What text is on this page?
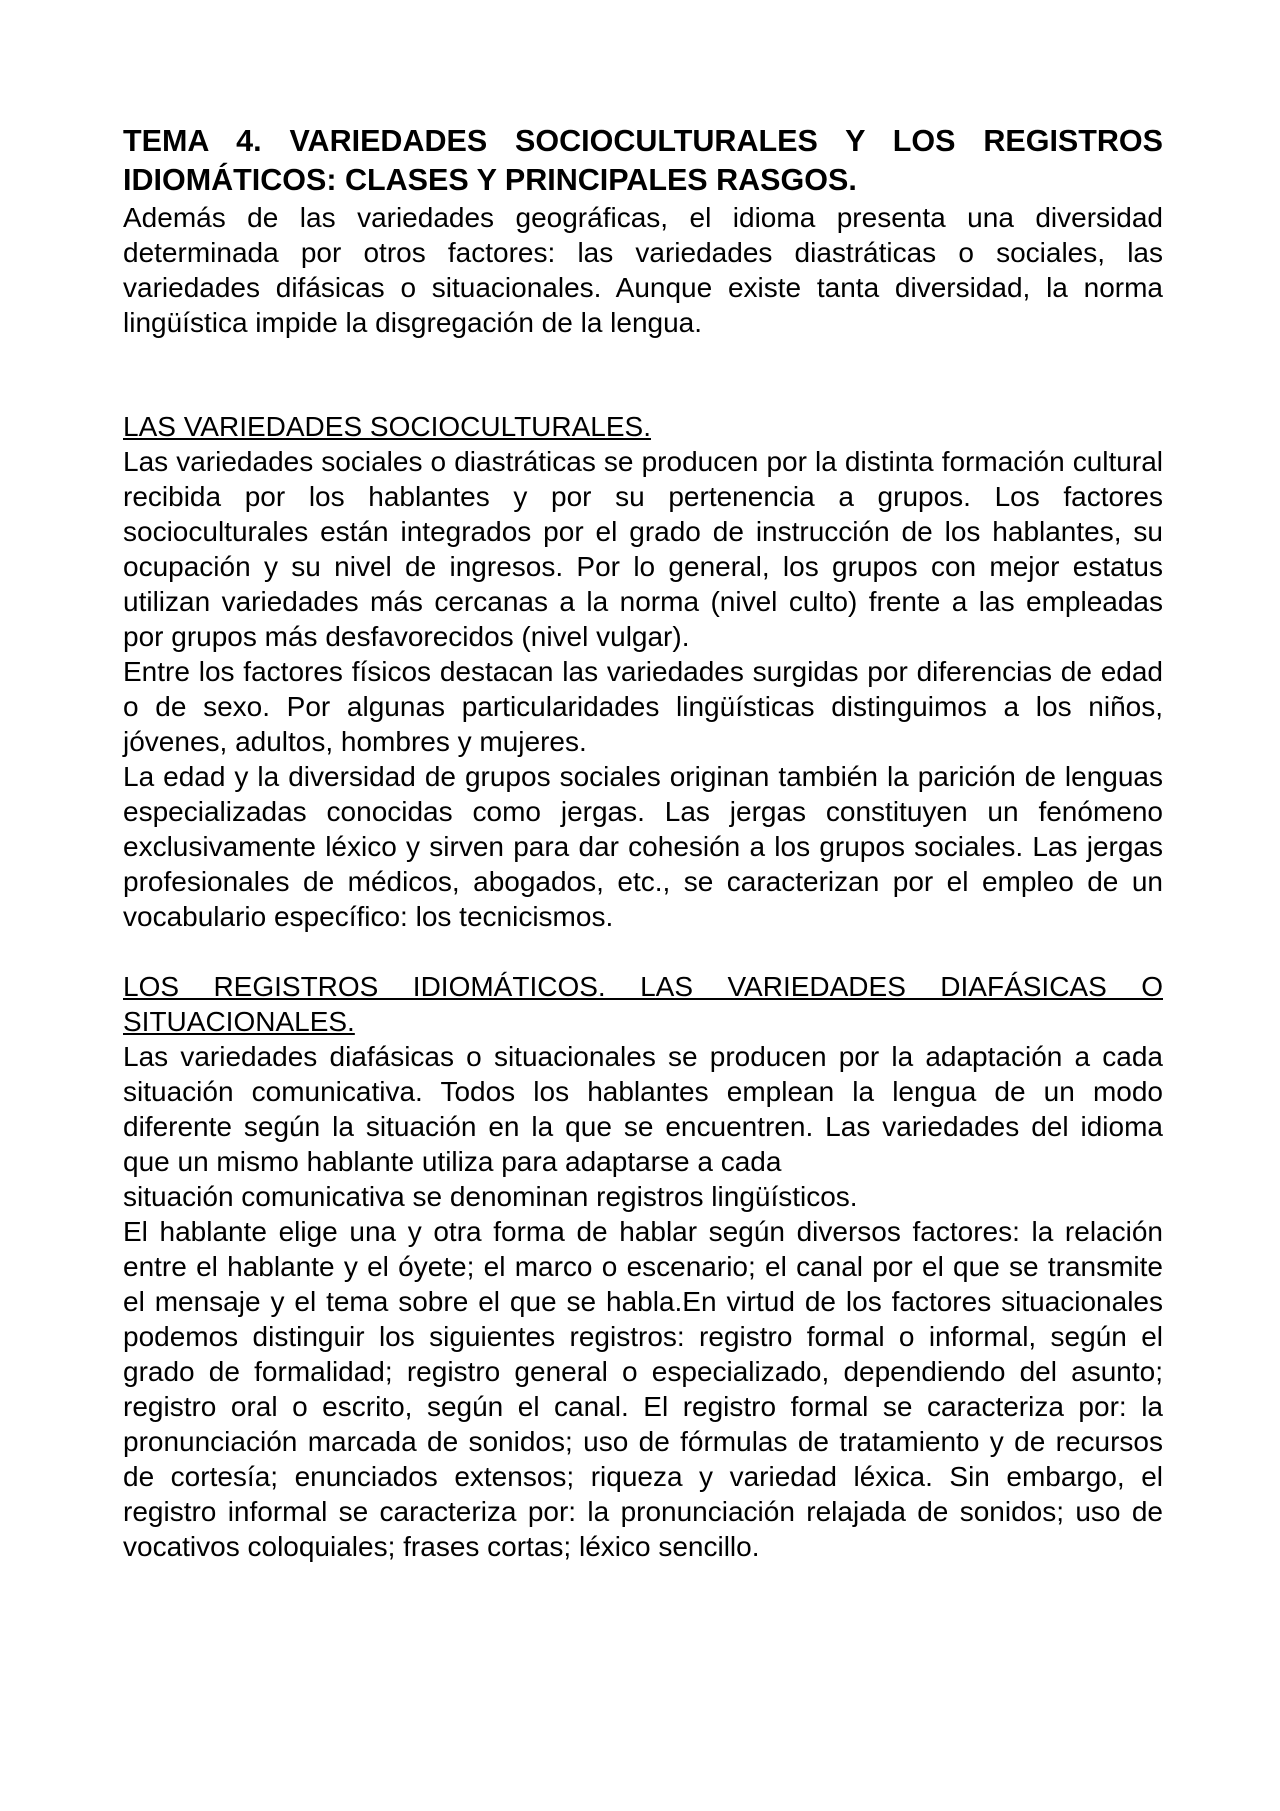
TEMA 4. VARIEDADES SOCIOCULTURALES Y LOS REGISTROS IDIOMÁTICOS: CLASES Y PRINCIPALES RASGOS.

Además de las variedades geográficas, el idioma presenta una diversidad determinada por otros factores: las variedades diastráticas o sociales, las variedades difásicas o situacionales. Aunque existe tanta diversidad, la norma lingüística impide la disgregación de la lengua.

LAS VARIEDADES SOCIOCULTURALES.

Las variedades sociales o diastráticas se producen por la distinta formación cultural recibida por los hablantes y por su pertenencia a grupos. Los factores socioculturales están integrados por el grado de instrucción de los hablantes, su ocupación y su nivel de ingresos. Por lo general, los grupos con mejor estatus utilizan variedades más cercanas a la norma (nivel culto) frente a las empleadas por grupos más desfavorecidos (nivel vulgar).

Entre los factores físicos destacan las variedades surgidas por diferencias de edad o de sexo. Por algunas particularidades lingüísticas distinguimos a los niños, jóvenes, adultos, hombres y mujeres.

La edad y la diversidad de grupos sociales originan también la parición de lenguas especializadas conocidas como jergas. Las jergas constituyen un fenómeno exclusivamente léxico y sirven para dar cohesión a los grupos sociales. Las jergas profesionales de médicos, abogados, etc., se caracterizan por el empleo de un vocabulario específico: los tecnicismos.

LOS REGISTROS IDIOMÁTICOS. LAS VARIEDADES DIAFÁSICAS O SITUACIONALES.

Las variedades diafásicas o situacionales se producen por la adaptación a cada situación comunicativa. Todos los hablantes emplean la lengua de un modo diferente según la situación en la que se encuentren. Las variedades del idioma que un mismo hablante utiliza para adaptarse a cada

situación comunicativa se denominan registros lingüísticos.

El hablante elige una y otra forma de hablar según diversos factores: la relación entre el hablante y el óyete; el marco o escenario; el canal por el que se transmite el mensaje y el tema sobre el que se habla.En virtud de los factores situacionales podemos distinguir los siguientes registros: registro formal o informal, según el grado de formalidad; registro general o especializado, dependiendo del asunto; registro oral o escrito, según el canal. El registro formal se caracteriza por: la pronunciación marcada de sonidos; uso de fórmulas de tratamiento y de recursos de cortesía; enunciados extensos; riqueza y variedad léxica. Sin embargo, el registro informal se caracteriza por: la pronunciación relajada de sonidos; uso de vocativos coloquiales; frases cortas; léxico sencillo.
